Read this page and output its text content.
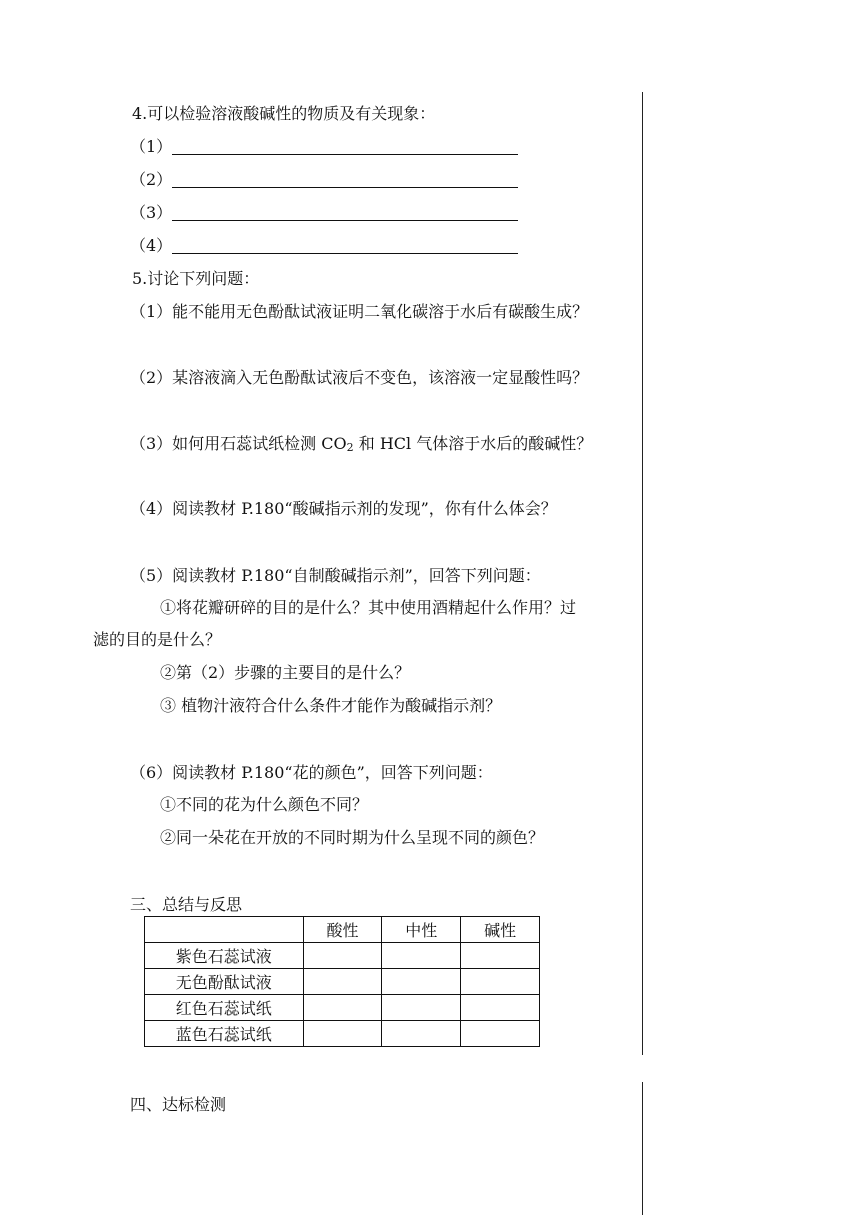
4.可以检验溶液酸碱性的物质及有关现象：
（1）
（2）
（3）
（4）
5.讨论下列问题：
（1）能不能用无色酚酞试液证明二氧化碳溶于水后有碳酸生成？
（2）某溶液滴入无色酚酞试液后不变色，该溶液一定显酸性吗？
（3）如何用石蕊试纸检测 $CO_2$ 和 HCl 气体溶于水后的酸碱性？
（4）阅读教材 P.180“酸碱指示剂的发现”，你有什么体会？
（5）阅读教材 P.180“自制酸碱指示剂”，回答下列问题：
①将花瓣研碎的目的是什么？其中使用酒精起什么作用？过
滤的目的是什么？
②第（2）步骤的主要目的是什么？
③ 植物汁液符合什么条件才能作为酸碱指示剂？
（6）阅读教材 P.180“花的颜色”，回答下列问题：
①不同的花为什么颜色不同？
②同一朵花在开放的不同时期为什么呈现不同的颜色？
三、总结与反思
	酸性	中性	碱性
紫色石蕊试液			
无色酚酞试液			
红色石蕊试纸			
蓝色石蕊试纸			
四、达标检测
